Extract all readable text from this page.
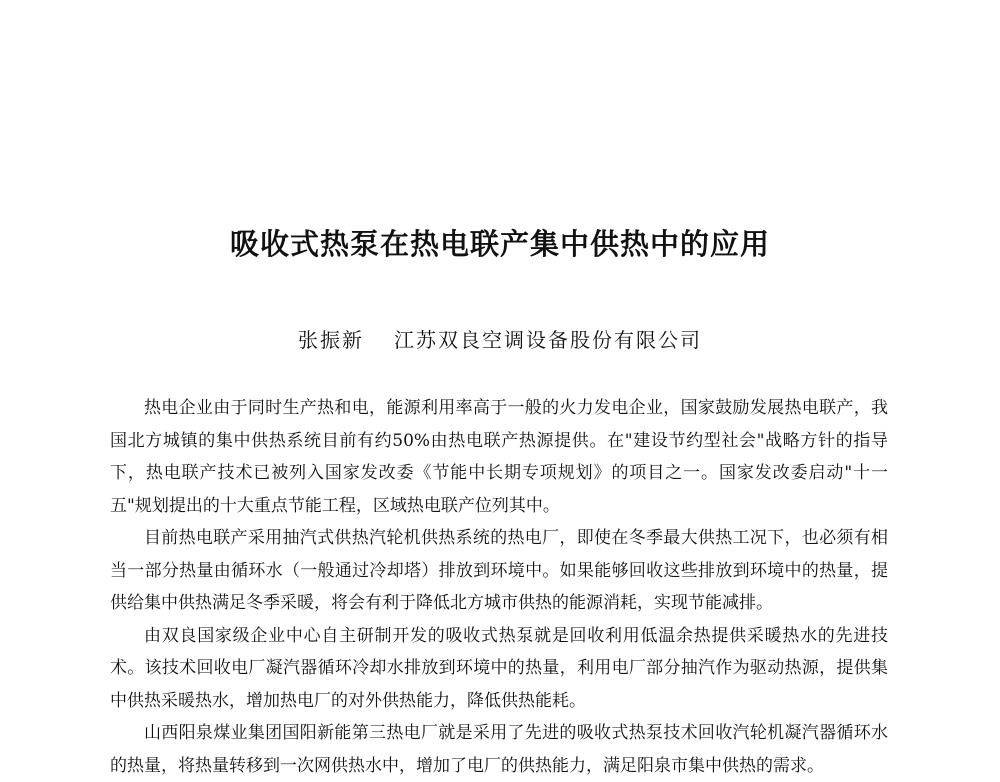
吸收式热泵在热电联产集中供热中的应用
张振新 江苏双良空调设备股份有限公司

热电企业由于同时生产热和电，能源利用率高于一般的火力发电企业，国家鼓励发展热电联产，我国北方城镇的集中供热系统目前有约50%由热电联产热源提供。在"建设节约型社会"战略方针的指导下，热电联产技术已被列入国家发改委《节能中长期专项规划》的项目之一。国家发改委启动"十一五"规划提出的十大重点节能工程，区域热电联产位列其中。

目前热电联产采用抽汽式供热汽轮机供热系统的热电厂，即使在冬季最大供热工况下，也必须有相当一部分热量由循环水（一般通过冷却塔）排放到环境中。如果能够回收这些排放到环境中的热量，提供给集中供热满足冬季采暖，将会有利于降低北方城市供热的能源消耗，实现节能减排。

由双良国家级企业中心自主研制开发的吸收式热泵就是回收利用低温余热提供采暖热水的先进技术。该技术回收电厂凝汽器循环冷却水排放到环境中的热量，利用电厂部分抽汽作为驱动热源，提供集中供热采暖热水，增加热电厂的对外供热能力，降低供热能耗。

山西阳泉煤业集团国阳新能第三热电厂就是采用了先进的吸收式热泵技术回收汽轮机凝汽器循环水的热量，将热量转移到一次网供热水中，增加了电厂的供热能力，满足阳泉市集中供热的需求。
